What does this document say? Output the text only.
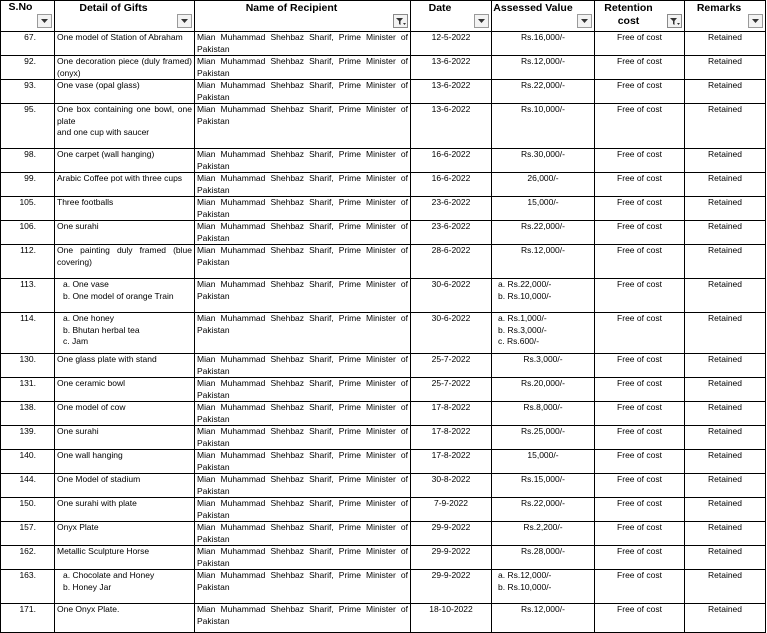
S.No	Detail of Gifts	Name of Recipient	Date	Assessed Value	Retention cost	Remarks

67.	One model of Station of Abraham	Mian Muhammad Shehbaz Sharif, Prime Minister of Pakistan	12-5-2022	Rs.16,000/-	Free of cost	Retained
92.	One decoration piece (duly framed) (onyx)	Mian Muhammad Shehbaz Sharif, Prime Minister of Pakistan	13-6-2022	Rs.12,000/-	Free of cost	Retained
93.	One vase (opal glass)	Mian Muhammad Shehbaz Sharif, Prime Minister of Pakistan	13-6-2022	Rs.22,000/-	Free of cost	Retained
95.	One box containing one bowl, one plate
and one cup with saucer	Mian Muhammad Shehbaz Sharif, Prime Minister of Pakistan	13-6-2022	Rs.10,000/-	Free of cost	Retained
98.	One carpet (wall hanging)	Mian Muhammad Shehbaz Sharif, Prime Minister of Pakistan	16-6-2022	Rs.30,000/-	Free of cost	Retained
99.	Arabic Coffee pot with three cups	Mian Muhammad Shehbaz Sharif, Prime Minister of Pakistan	16-6-2022	26,000/-	Free of cost	Retained
105.	Three footballs	Mian Muhammad Shehbaz Sharif, Prime Minister of Pakistan	23-6-2022	15,000/-	Free of cost	Retained
106.	One surahi	Mian Muhammad Shehbaz Sharif, Prime Minister of Pakistan	23-6-2022	Rs.22,000/-	Free of cost	Retained
112.	One painting duly framed (blue covering)	Mian Muhammad Shehbaz Sharif, Prime Minister of Pakistan	28-6-2022	Rs.12,000/-	Free of cost	Retained
113.	a. One vase
b. One model of orange Train	Mian Muhammad Shehbaz Sharif, Prime Minister of Pakistan	30-6-2022	a. Rs.22,000/-
b. Rs.10,000/-	Free of cost	Retained
114.	a. One honey
b. Bhutan herbal tea
c. Jam	Mian Muhammad Shehbaz Sharif, Prime Minister of Pakistan	30-6-2022	a. Rs.1,000/-
b. Rs.3,000/-
c. Rs.600/-	Free of cost	Retained
130.	One glass plate with stand	Mian Muhammad Shehbaz Sharif, Prime Minister of Pakistan	25-7-2022	Rs.3,000/-	Free of cost	Retained
131.	One ceramic bowl	Mian Muhammad Shehbaz Sharif, Prime Minister of Pakistan	25-7-2022	Rs.20,000/-	Free of cost	Retained
138.	One model of cow	Mian Muhammad Shehbaz Sharif, Prime Minister of Pakistan	17-8-2022	Rs.8,000/-	Free of cost	Retained
139.	One surahi	Mian Muhammad Shehbaz Sharif, Prime Minister of Pakistan	17-8-2022	Rs.25,000/-	Free of cost	Retained
140.	One wall hanging	Mian Muhammad Shehbaz Sharif, Prime Minister of Pakistan	17-8-2022	15,000/-	Free of cost	Retained
144.	One Model of stadium	Mian Muhammad Shehbaz Sharif, Prime Minister of Pakistan	30-8-2022	Rs.15,000/-	Free of cost	Retained
150.	One surahi with plate	Mian Muhammad Shehbaz Sharif, Prime Minister of Pakistan	7-9-2022	Rs.22,000/-	Free of cost	Retained
157.	Onyx Plate	Mian Muhammad Shehbaz Sharif, Prime Minister of Pakistan	29-9-2022	Rs.2,200/-	Free of cost	Retained
162.	Metallic Sculpture Horse	Mian Muhammad Shehbaz Sharif, Prime Minister of Pakistan	29-9-2022	Rs.28,000/-	Free of cost	Retained
163.	a. Chocolate and Honey
b. Honey Jar	Mian Muhammad Shehbaz Sharif, Prime Minister of Pakistan	29-9-2022	a. Rs.12,000/-
b. Rs.10,000/-	Free of cost	Retained
171.	One Onyx Plate.	Mian Muhammad Shehbaz Sharif, Prime Minister of Pakistan	18-10-2022	Rs.12,000/-	Free of cost	Retained
